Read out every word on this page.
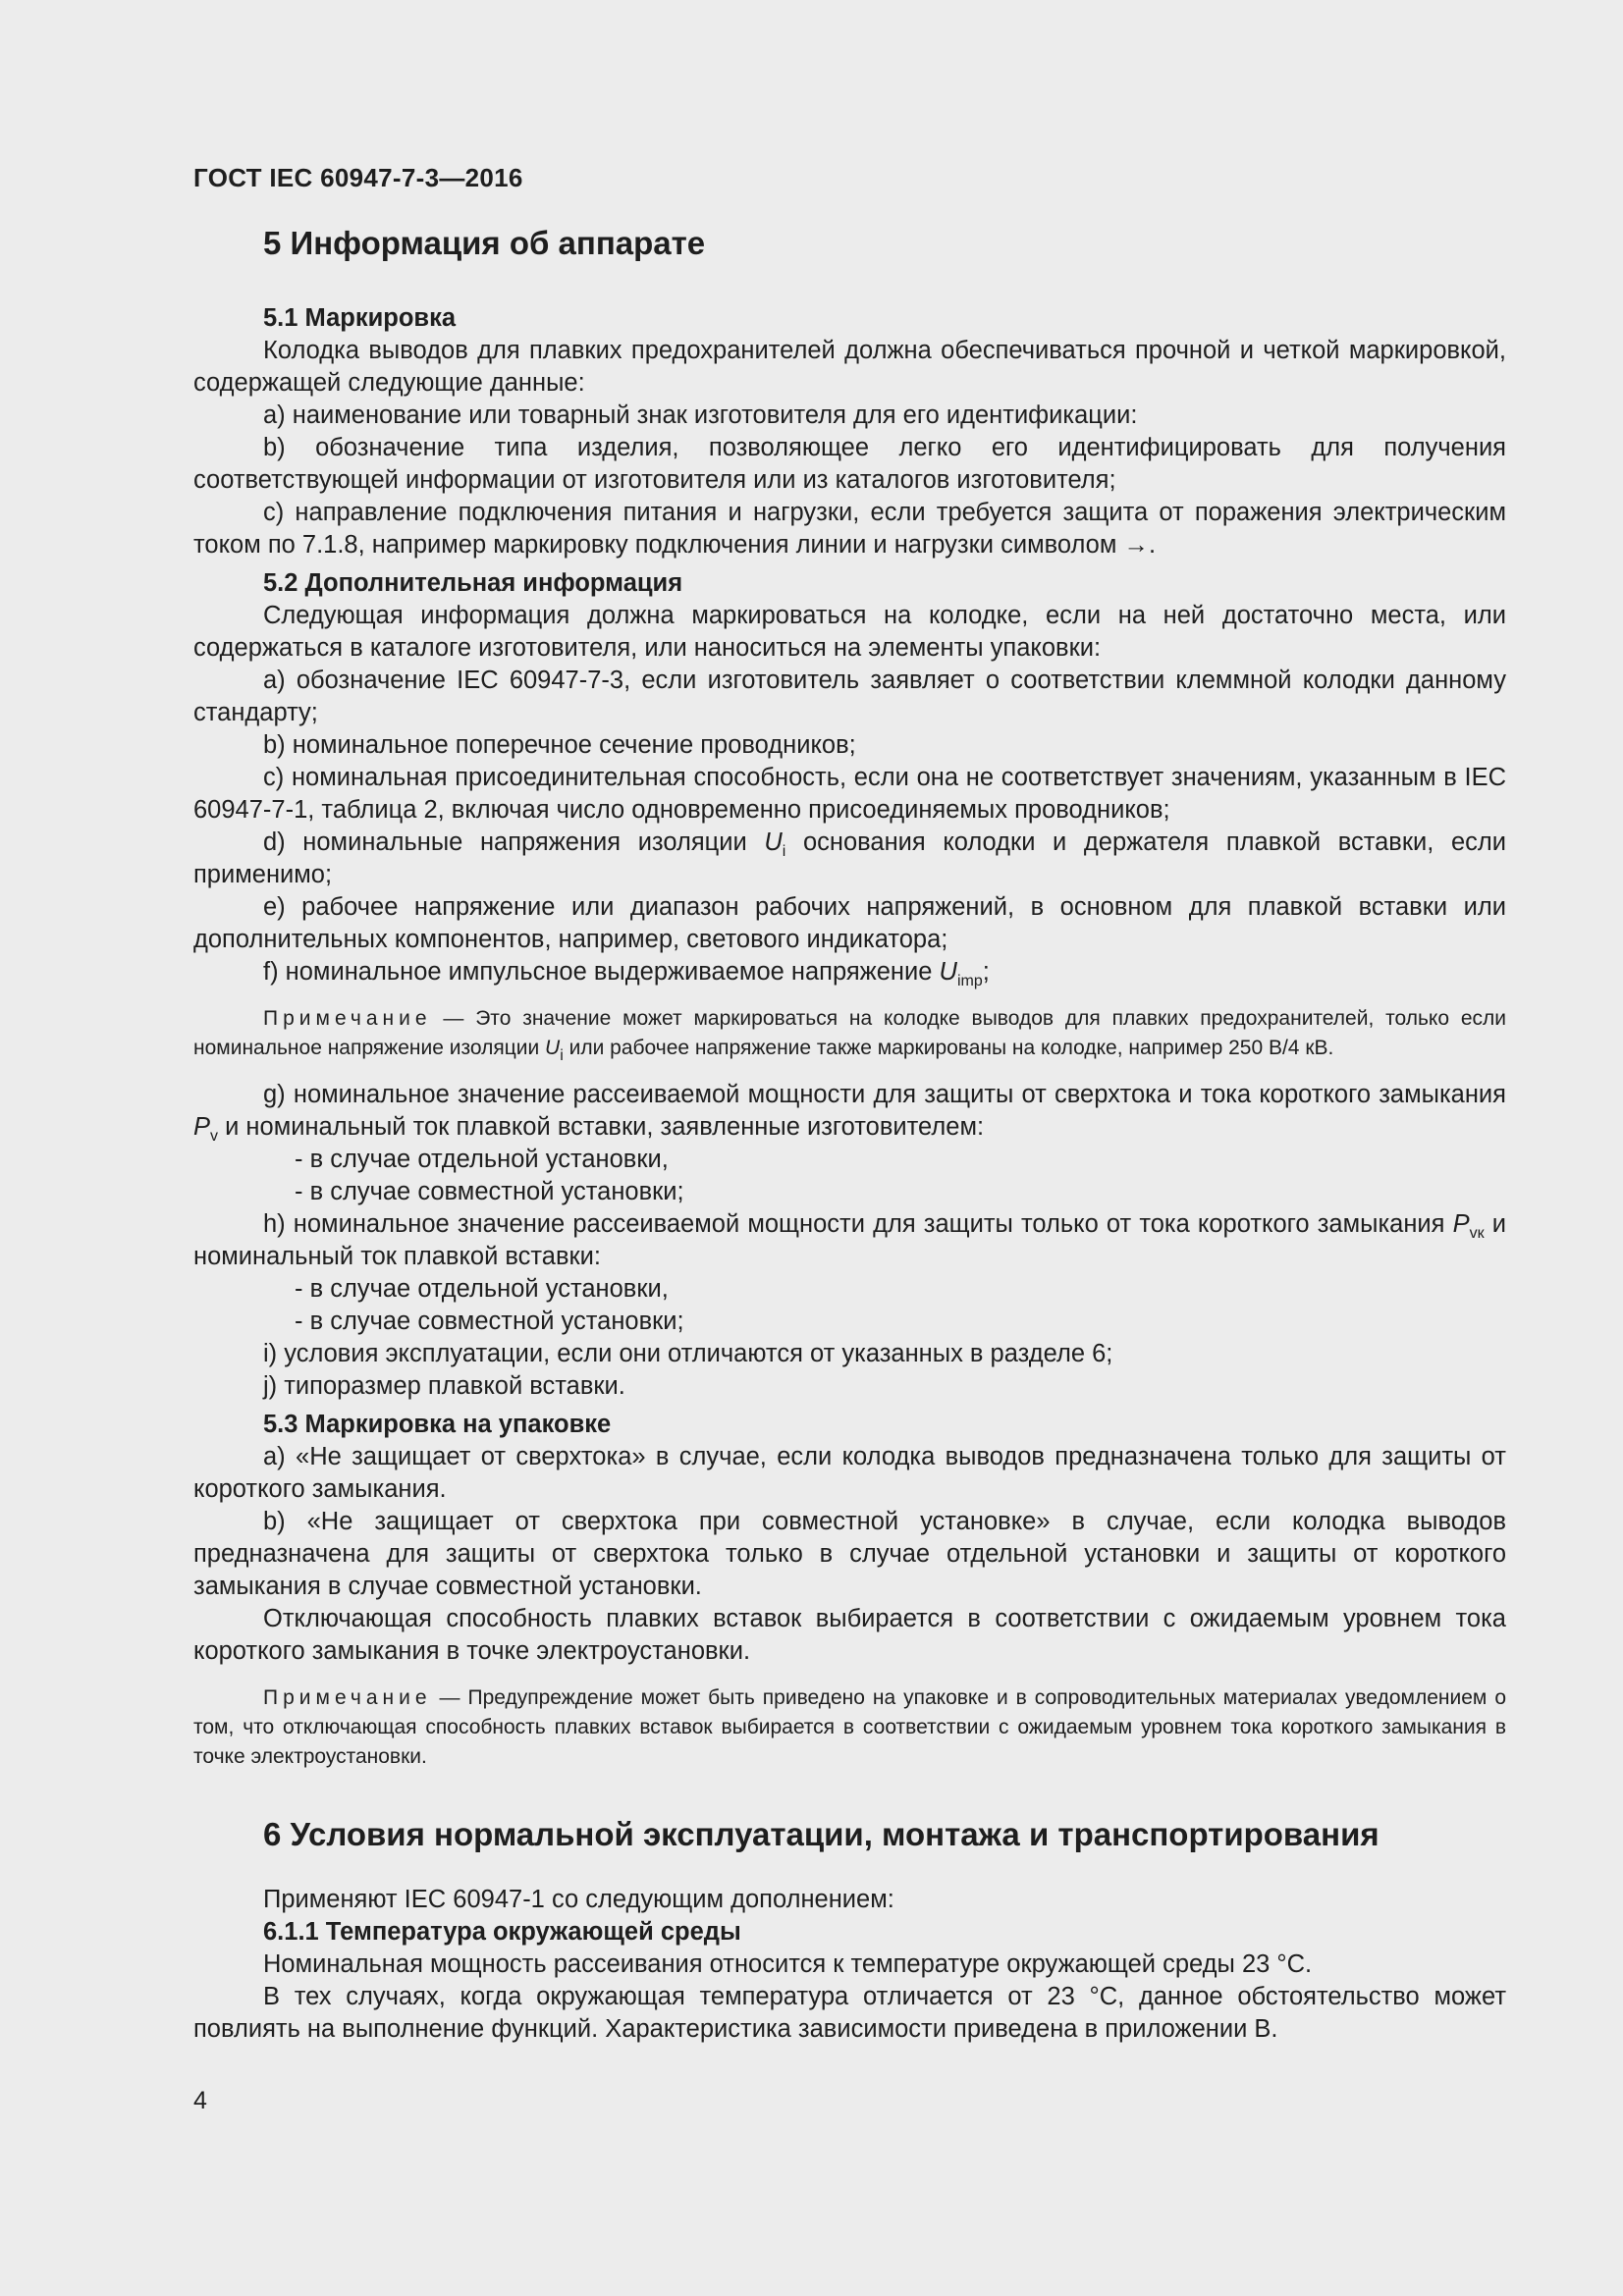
ГОСТ IEC 60947-7-3—2016
5 Информация об аппарате
5.1 Маркировка

Колодка выводов для плавких предохранителей должна обеспечиваться прочной и четкой маркировкой, содержащей следующие данные:

a) наименование или товарный знак изготовителя для его идентификации:

b) обозначение типа изделия, позволяющее легко его идентифицировать для получения соответствующей информации от изготовителя или из каталогов изготовителя;

c) направление подключения питания и нагрузки, если требуется защита от поражения электрическим током по 7.1.8, например маркировку подключения линии и нагрузки символом →.

5.2 Дополнительная информация

Следующая информация должна маркироваться на колодке, если на ней достаточно места, или содержаться в каталоге изготовителя, или наноситься на элементы упаковки:

a) обозначение IEC 60947-7-3, если изготовитель заявляет о соответствии клеммной колодки данному стандарту;

b) номинальное поперечное сечение проводников;

c) номинальная присоединительная способность, если она не соответствует значениям, указанным в IEC 60947-7-1, таблица 2, включая число одновременно присоединяемых проводников;

d) номинальные напряжения изоляции $U_i$ основания колодки и держателя плавкой вставки, если применимо;

e) рабочее напряжение или диапазон рабочих напряжений, в основном для плавкой вставки или дополнительных компонентов, например, светового индикатора;

f) номинальное импульсное выдерживаемое напряжение $U_{imp}$;

Примечание — Это значение может маркироваться на колодке выводов для плавких предохранителей, только если номинальное напряжение изоляции $U_i$ или рабочее напряжение также маркированы на колодке, например 250 В/4 кВ.

g) номинальное значение рассеиваемой мощности для защиты от сверхтока и тока короткого замыкания $P_v$ и номинальный ток плавкой вставки, заявленные изготовителем:

- в случае отдельной установки,

- в случае совместной установки;

h) номинальное значение рассеиваемой мощности для защиты только от тока короткого замыкания $P_{vк}$ и номинальный ток плавкой вставки:

- в случае отдельной установки,

- в случае совместной установки;

i) условия эксплуатации, если они отличаются от указанных в разделе 6;

j) типоразмер плавкой вставки.

5.3 Маркировка на упаковке

a) «Не защищает от сверхтока» в случае, если колодка выводов предназначена только для защиты от короткого замыкания.

b) «Не защищает от сверхтока при совместной установке» в случае, если колодка выводов предназначена для защиты от сверхтока только в случае отдельной установки и защиты от короткого замыкания в случае совместной установки.

Отключающая способность плавких вставок выбирается в соответствии с ожидаемым уровнем тока короткого замыкания в точке электроустановки.

Примечание — Предупреждение может быть приведено на упаковке и в сопроводительных материалах уведомлением о том, что отключающая способность плавких вставок выбирается в соответствии с ожидаемым уровнем тока короткого замыкания в точке электроустановки.

6 Условия нормальной эксплуатации, монтажа и транспортирования

Применяют IEC 60947-1 со следующим дополнением:

6.1.1 Температура окружающей среды

Номинальная мощность рассеивания относится к температуре окружающей среды 23 °С.

В тех случаях, когда окружающая температура отличается от 23 °С, данное обстоятельство может повлиять на выполнение функций. Характеристика зависимости приведена в приложении В.

4
